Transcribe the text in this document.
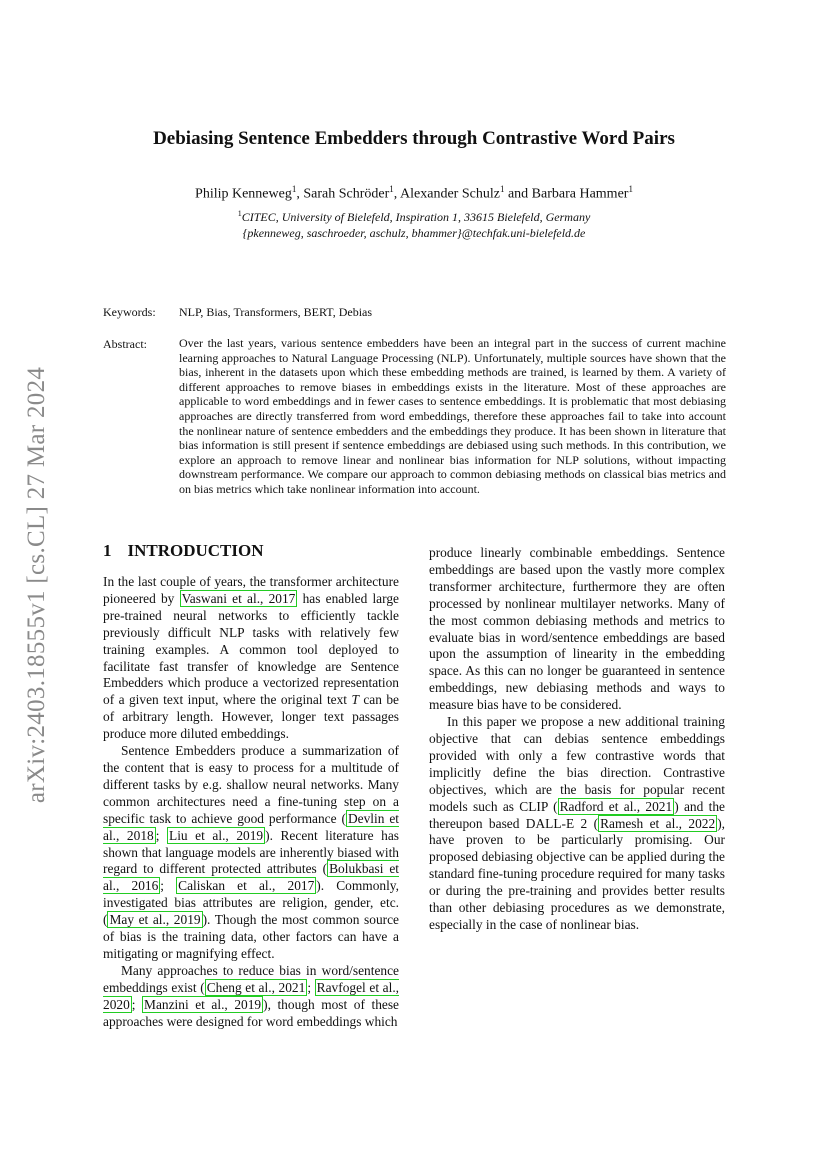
arXiv:2403.18555v1 [cs.CL] 27 Mar 2024
Debiasing Sentence Embedders through Contrastive Word Pairs
Philip Kenneweg$^1$, Sarah Schröder$^1$, Alexander Schulz$^1$ and Barbara Hammer$^1$
$^1$CITEC, University of Bielefeld, Inspiration 1, 33615 Bielefeld, Germany
{pkenneweg, saschroeder, aschulz, bhammer}@techfak.uni-bielefeld.de
Keywords: NLP, Bias, Transformers, BERT, Debias
Abstract:	Over the last years, various sentence embedders have been an integral part in the success of current machine learning approaches to Natural Language Processing (NLP). Unfortunately, multiple sources have shown that the bias, inherent in the datasets upon which these embedding methods are trained, is learned by them. A variety of different approaches to remove biases in embeddings exists in the literature. Most of these approaches are applicable to word embeddings and in fewer cases to sentence embeddings. It is problematic that most debiasing approaches are directly transferred from word embeddings, therefore these approaches fail to take into account the nonlinear nature of sentence embedders and the embeddings they produce. It has been shown in literature that bias information is still present if sentence embeddings are debiased using such methods. In this contribution, we explore an approach to remove linear and nonlinear bias information for NLP solutions, without impacting downstream performance. We compare our approach to common debiasing methods on classical bias metrics and on bias metrics which take nonlinear information into account.
1 INTRODUCTION

In the last couple of years, the transformer architecture pioneered by Vaswani et al., 2017 has enabled large pre-trained neural networks to efficiently tackle previously difficult NLP tasks with relatively few training examples. A common tool deployed to facilitate fast transfer of knowledge are Sentence Embedders which produce a vectorized representation of a given text input, where the original text T can be of arbitrary length. However, longer text passages produce more diluted embeddings.

Sentence Embedders produce a summarization of the content that is easy to process for a multitude of different tasks by e.g. shallow neural networks. Many common architectures need a fine-tuning step on a specific task to achieve good performance ( Devlin et al., 2018 ; Liu et al., 2019 ). Recent literature has shown that language models are inherently biased with regard to different protected attributes ( Bolukbasi et al., 2016 ; Caliskan et al., 2017 ). Commonly, investigated bias attributes are religion, gender, etc. ( May et al., 2019 ). Though the most common source of bias is the training data, other factors can have a mitigating or magnifying effect.

Many approaches to reduce bias in word/sentence embeddings exist ( Cheng et al., 2021 ; Ravfogel et al., 2020 ; Manzini et al., 2019 ), though most of these approaches were designed for word embeddings which

produce linearly combinable embeddings. Sentence embeddings are based upon the vastly more complex transformer architecture, furthermore they are often processed by nonlinear multilayer networks. Many of the most common debiasing methods and metrics to evaluate bias in word/sentence embeddings are based upon the assumption of linearity in the embedding space. As this can no longer be guaranteed in sentence embeddings, new debiasing methods and ways to measure bias have to be considered.

In this paper we propose a new additional training objective that can debias sentence embeddings provided with only a few contrastive words that implicitly define the bias direction. Contrastive objectives, which are the basis for popular recent models such as CLIP ( Radford et al., 2021 ) and the thereupon based DALL-E 2 ( Ramesh et al., 2022 ), have proven to be particularly promising. Our proposed debiasing objective can be applied during the standard fine-tuning procedure required for many tasks or during the pre-training and provides better results than other debiasing procedures as we demonstrate, especially in the case of nonlinear bias.
